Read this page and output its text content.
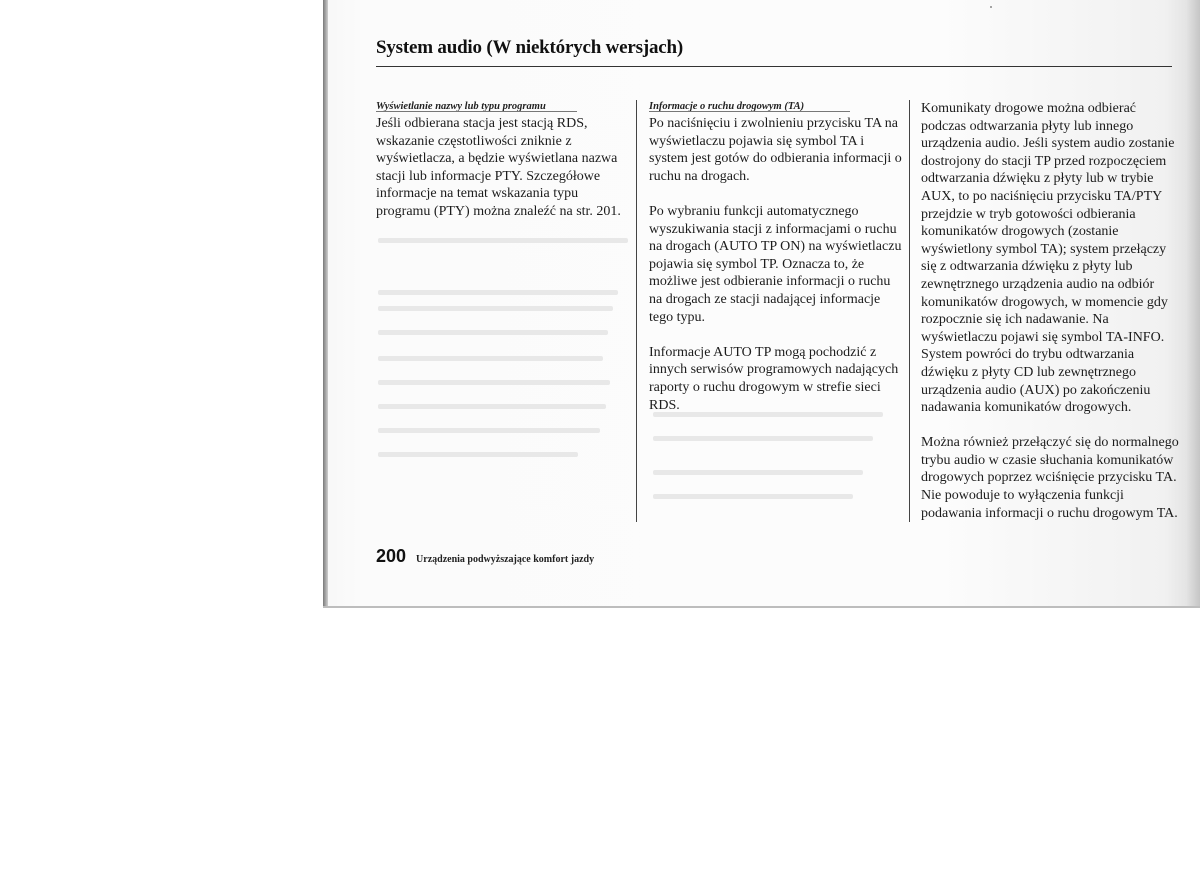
System audio (W niektórych wersjach)
Wyświetlanie nazwy lub typu programu

Jeśli odbierana stacja jest stacją RDS, wskazanie częstotliwości zniknie z wyświetlacza, a będzie wyświetlana nazwa stacji lub informacje PTY. Szczegółowe informacje na temat wskazania typu programu (PTY) można znaleźć na str. 201.

Informacje o ruchu drogowym (TA)

Po naciśnięciu i zwolnieniu przycisku TA na wyświetlaczu pojawia się symbol TA i system jest gotów do odbierania informacji o ruchu na drogach.

Po wybraniu funkcji automatycznego wyszukiwania stacji z informacjami o ruchu na drogach (AUTO TP ON) na wyświetlaczu pojawia się symbol TP. Oznacza to, że możliwe jest odbieranie informacji o ruchu na drogach ze stacji nadającej informacje tego typu.

Informacje AUTO TP mogą pochodzić z innych serwisów programowych nadających raporty o ruchu drogowym w strefie sieci RDS.

Komunikaty drogowe można odbierać podczas odtwarzania płyty lub innego urządzenia audio. Jeśli system audio zostanie dostrojony do stacji TP przed rozpoczęciem odtwarzania dźwięku z płyty lub w trybie AUX, to po naciśnięciu przycisku TA/PTY przejdzie w tryb gotowości odbierania komunikatów drogowych (zostanie wyświetlony symbol TA); system przełączy się z odtwarzania dźwięku z płyty lub zewnętrznego urządzenia audio na odbiór komunikatów drogowych, w momencie gdy rozpocznie się ich nadawanie. Na wyświetlaczu pojawi się symbol TA-INFO. System powróci do trybu odtwarzania dźwięku z płyty CD lub zewnętrznego urządzenia audio (AUX) po zakończeniu nadawania komunikatów drogowych.

Można również przełączyć się do normalnego trybu audio w czasie słuchania komunikatów drogowych poprzez wciśnięcie przycisku TA. Nie powoduje to wyłączenia funkcji podawania informacji o ruchu drogowym TA.

200 Urządzenia podwyższające komfort jazdy
